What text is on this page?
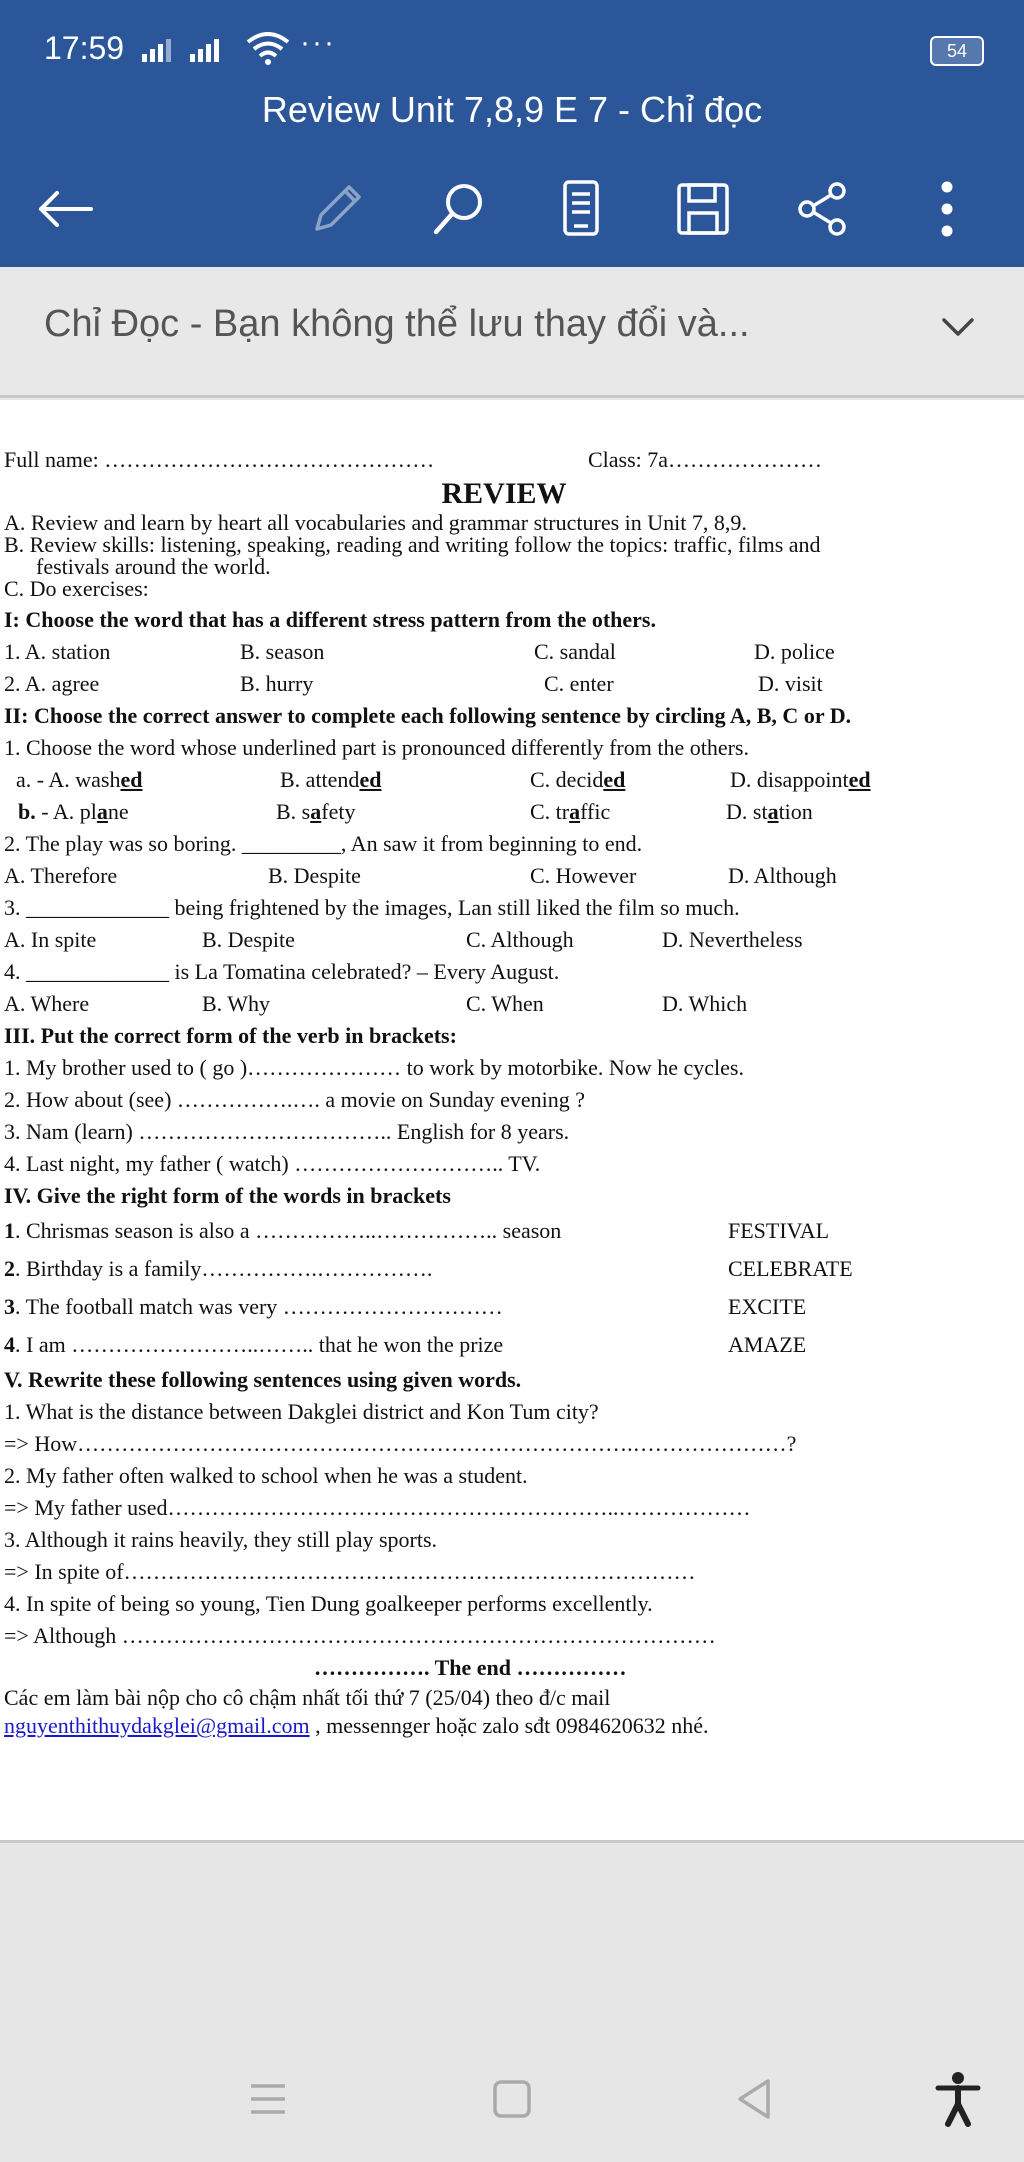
17:59	···	54
Review Unit 7,8,9 E 7 - Chỉ đọc
Chỉ Đọc - Bạn không thể lưu thay đổi và...
Full name: ………………………………………	Class: 7a…………………
REVIEW
A. Review and learn by heart all vocabularies and grammar structures in Unit 7, 8,9.
B. Review skills: listening, speaking, reading and writing follow the topics: traffic, films and
festivals around the world.
C. Do exercises:
I: Choose the word that has a different stress pattern from the others.
1. A. station	B. season	C. sandal	D. police
2. A. agree	B. hurry	C. enter	D. visit
II: Choose the correct answer to complete each following sentence by circling A, B, C or D.
1. Choose the word whose underlined part is pronounced differently from the others.
a. - A. washed	B. attended	C. decided	D. disappointed
b. - A. plane	B. safety	C. traffic	D. station
2. The play was so boring. _________, An saw it from beginning to end.
A. Therefore	B. Despite	C. However	D. Although
3. _____________ being frightened by the images, Lan still liked the film so much.
A. In spite	B. Despite	C. Although	D. Nevertheless
4. _____________ is La Tomatina celebrated? – Every August.
A. Where	B. Why	C. When	D. Which
III. Put the correct form of the verb in brackets:
1. My brother used to ( go )………………… to work by motorbike. Now he cycles.
2. How about (see) …………….…. a movie on Sunday evening ?
3. Nam (learn) …………………………….. English for 8 years.
4. Last night, my father ( watch) ……………………….. TV.
IV. Give the right form of the words in brackets
1. Chrismas season is also a ……………..…………….. season	FESTIVAL
2. Birthday is a family…………….…………….	CELEBRATE
3. The football match was very …………………………	EXCITE
4. I am ……………………..…….. that he won the prize	AMAZE
V. Rewrite these following sentences using given words.
1. What is the distance between Dakglei district and Kon Tum city?
=> How………………………………………………………………….…………………?
2. My father often walked to school when he was a student.
=> My father used……………………………………………………..………………
3. Although it rains heavily, they still play sports.
=> In spite of……………………………………………………………………
4. In spite of being so young, Tien Dung goalkeeper performs excellently.
=> Although ………………………………………………………………………
……………. The end ……………
Các em làm bài nộp cho cô chậm nhất tối thứ 7 (25/04) theo đ/c mail
nguyenthithuydakglei@gmail.com , messennger hoặc zalo sđt 0984620632 nhé.
